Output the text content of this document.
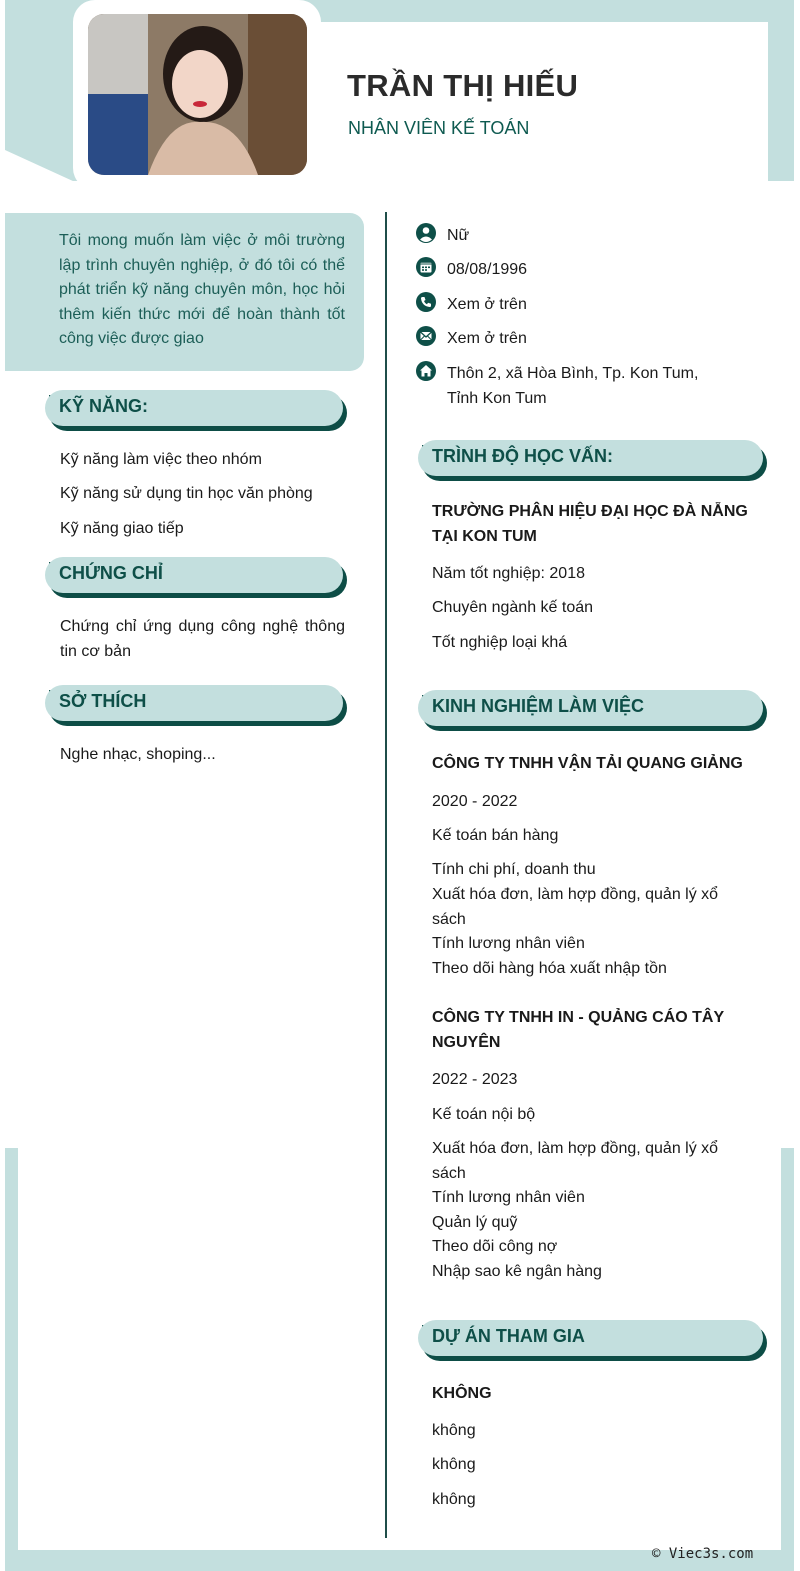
TRẦN THỊ HIẾU
NHÂN VIÊN KẾ TOÁN
Tôi mong muốn làm việc ở môi trường lập trình chuyên nghiệp, ở đó tôi có thể phát triển kỹ năng chuyên môn, học hỏi thêm kiến thức mới để hoàn thành tốt công việc được giao
KỸ NĂNG:
Kỹ năng làm việc theo nhóm
Kỹ năng sử dụng tin học văn phòng
Kỹ năng giao tiếp
CHỨNG CHỈ
Chứng chỉ ứng dụng công nghệ thông tin cơ bản
SỞ THÍCH
Nghe nhạc, shoping...
Nữ
08/08/1996
Xem ở trên
Xem ở trên
Thôn 2, xã Hòa Bình, Tp. Kon Tum,
Tỉnh Kon Tum
TRÌNH ĐỘ HỌC VẤN:
TRƯỜNG PHÂN HIỆU ĐẠI HỌC ĐÀ NẴNG
TẠI KON TUM
Năm tốt nghiệp: 2018
Chuyên ngành kế toán
Tốt nghiệp loại khá
KINH NGHIỆM LÀM VIỆC
CÔNG TY TNHH VẬN TẢI QUANG GIẢNG
2020 - 2022
Kế toán bán hàng
Tính chi phí, doanh thu
Xuất hóa đơn, làm hợp đồng, quản lý xổ
sách
Tính lương nhân viên
Theo dõi hàng hóa xuất nhập tồn
CÔNG TY TNHH IN - QUẢNG CÁO TÂY
NGUYÊN
2022 - 2023
Kế toán nội bộ
Xuất hóa đơn, làm hợp đồng, quản lý xổ
sách
Tính lương nhân viên
Quản lý quỹ
Theo dõi công nợ
Nhập sao kê ngân hàng
DỰ ÁN THAM GIA
KHÔNG
không
không
không
© Viec3s.com
